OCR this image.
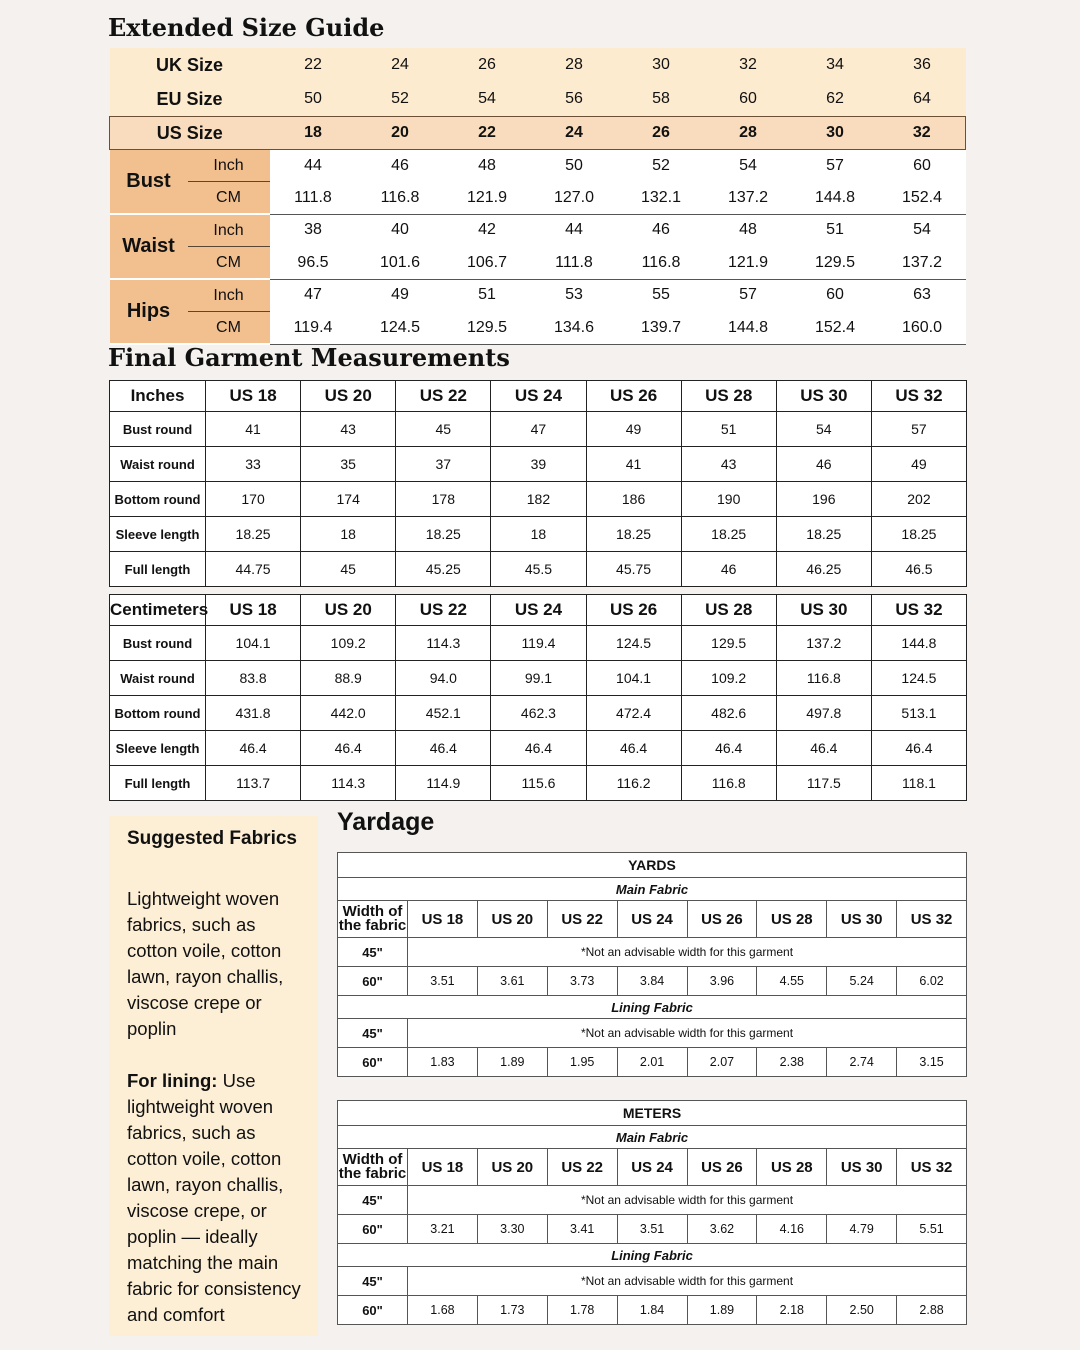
Extended Size Guide
UK Size		22	24	26	28	30	32	34	36
EU Size		50	52	54	56	58	60	62	64
US Size		18	20	22	24	26	28	30	32
Bust	Inch	44	46	48	50	52	54	57	60
	CM	111.8	116.8	121.9	127.0	132.1	137.2	144.8	152.4
Waist	Inch	38	40	42	44	46	48	51	54
	CM	96.5	101.6	106.7	111.8	116.8	121.9	129.5	137.2
Hips	Inch	47	49	51	53	55	57	60	63
	CM	119.4	124.5	129.5	134.6	139.7	144.8	152.4	160.0
Final Garment Measurements
Inches	US 18	US 20	US 22	US 24	US 26	US 28	US 30	US 32
Bust round	41	43	45	47	49	51	54	57
Waist round	33	35	37	39	41	43	46	49
Bottom round	170	174	178	182	186	190	196	202
Sleeve length	18.25	18	18.25	18	18.25	18.25	18.25	18.25
Full length	44.75	45	45.25	45.5	45.75	46	46.25	46.5
Centimeters	US 18	US 20	US 22	US 24	US 26	US 28	US 30	US 32
Bust round	104.1	109.2	114.3	119.4	124.5	129.5	137.2	144.8
Waist round	83.8	88.9	94.0	99.1	104.1	109.2	116.8	124.5
Bottom round	431.8	442.0	452.1	462.3	472.4	482.6	497.8	513.1
Sleeve length	46.4	46.4	46.4	46.4	46.4	46.4	46.4	46.4
Full length	113.7	114.3	114.9	115.6	116.2	116.8	117.5	118.1
Suggested Fabrics

Lightweight woven fabrics, such as cotton voile, cotton lawn, rayon challis, viscose crepe or poplin

For lining: Use lightweight woven fabrics, such as cotton voile, cotton lawn, rayon challis, viscose crepe, or poplin — ideally matching the main fabric for consistency and comfort

Yardage
YARDS								
Main Fabric								
Width of
the fabric	US 18	US 20	US 22	US 24	US 26	US 28	US 30	US 32
45"	*Not an advisable width for this garment							
60"	3.51	3.61	3.73	3.84	3.96	4.55	5.24	6.02
Lining Fabric								
45"	*Not an advisable width for this garment							
60"	1.83	1.89	1.95	2.01	2.07	2.38	2.74	3.15
METERS								
Main Fabric								
Width of
the fabric	US 18	US 20	US 22	US 24	US 26	US 28	US 30	US 32
45"	*Not an advisable width for this garment							
60"	3.21	3.30	3.41	3.51	3.62	4.16	4.79	5.51
Lining Fabric								
45"	*Not an advisable width for this garment							
60"	1.68	1.73	1.78	1.84	1.89	2.18	2.50	2.88
